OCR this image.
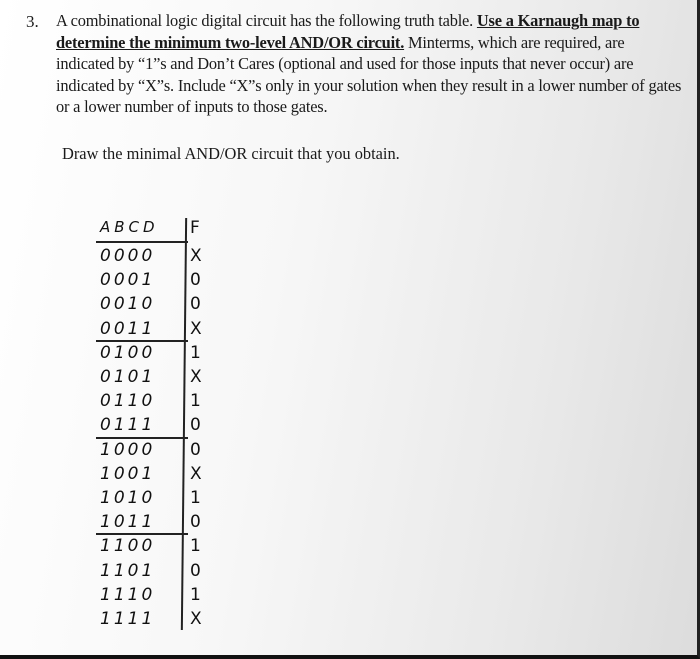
3. A combinational logic digital circuit has the following truth table. Use a Karnaugh map to determine the minimum two-level AND/OR circuit. Minterms, which are required, are indicated by “1”s and Don’t Cares (optional and used for those inputs that never occur) are indicated by “X”s. Include “X”s only in your solution when they result in a lower number of gates or a lower number of inputs to those gates.
Draw the minimal AND/OR circuit that you obtain.
ABCD	F
0000	X
0001	0
0010	0
0011	X
0100	1
0101	X
0110	1
0111	0
1000	0
1001	X
1010	1
1011	0
1100	1
1101	0
1110	1
1111	X
